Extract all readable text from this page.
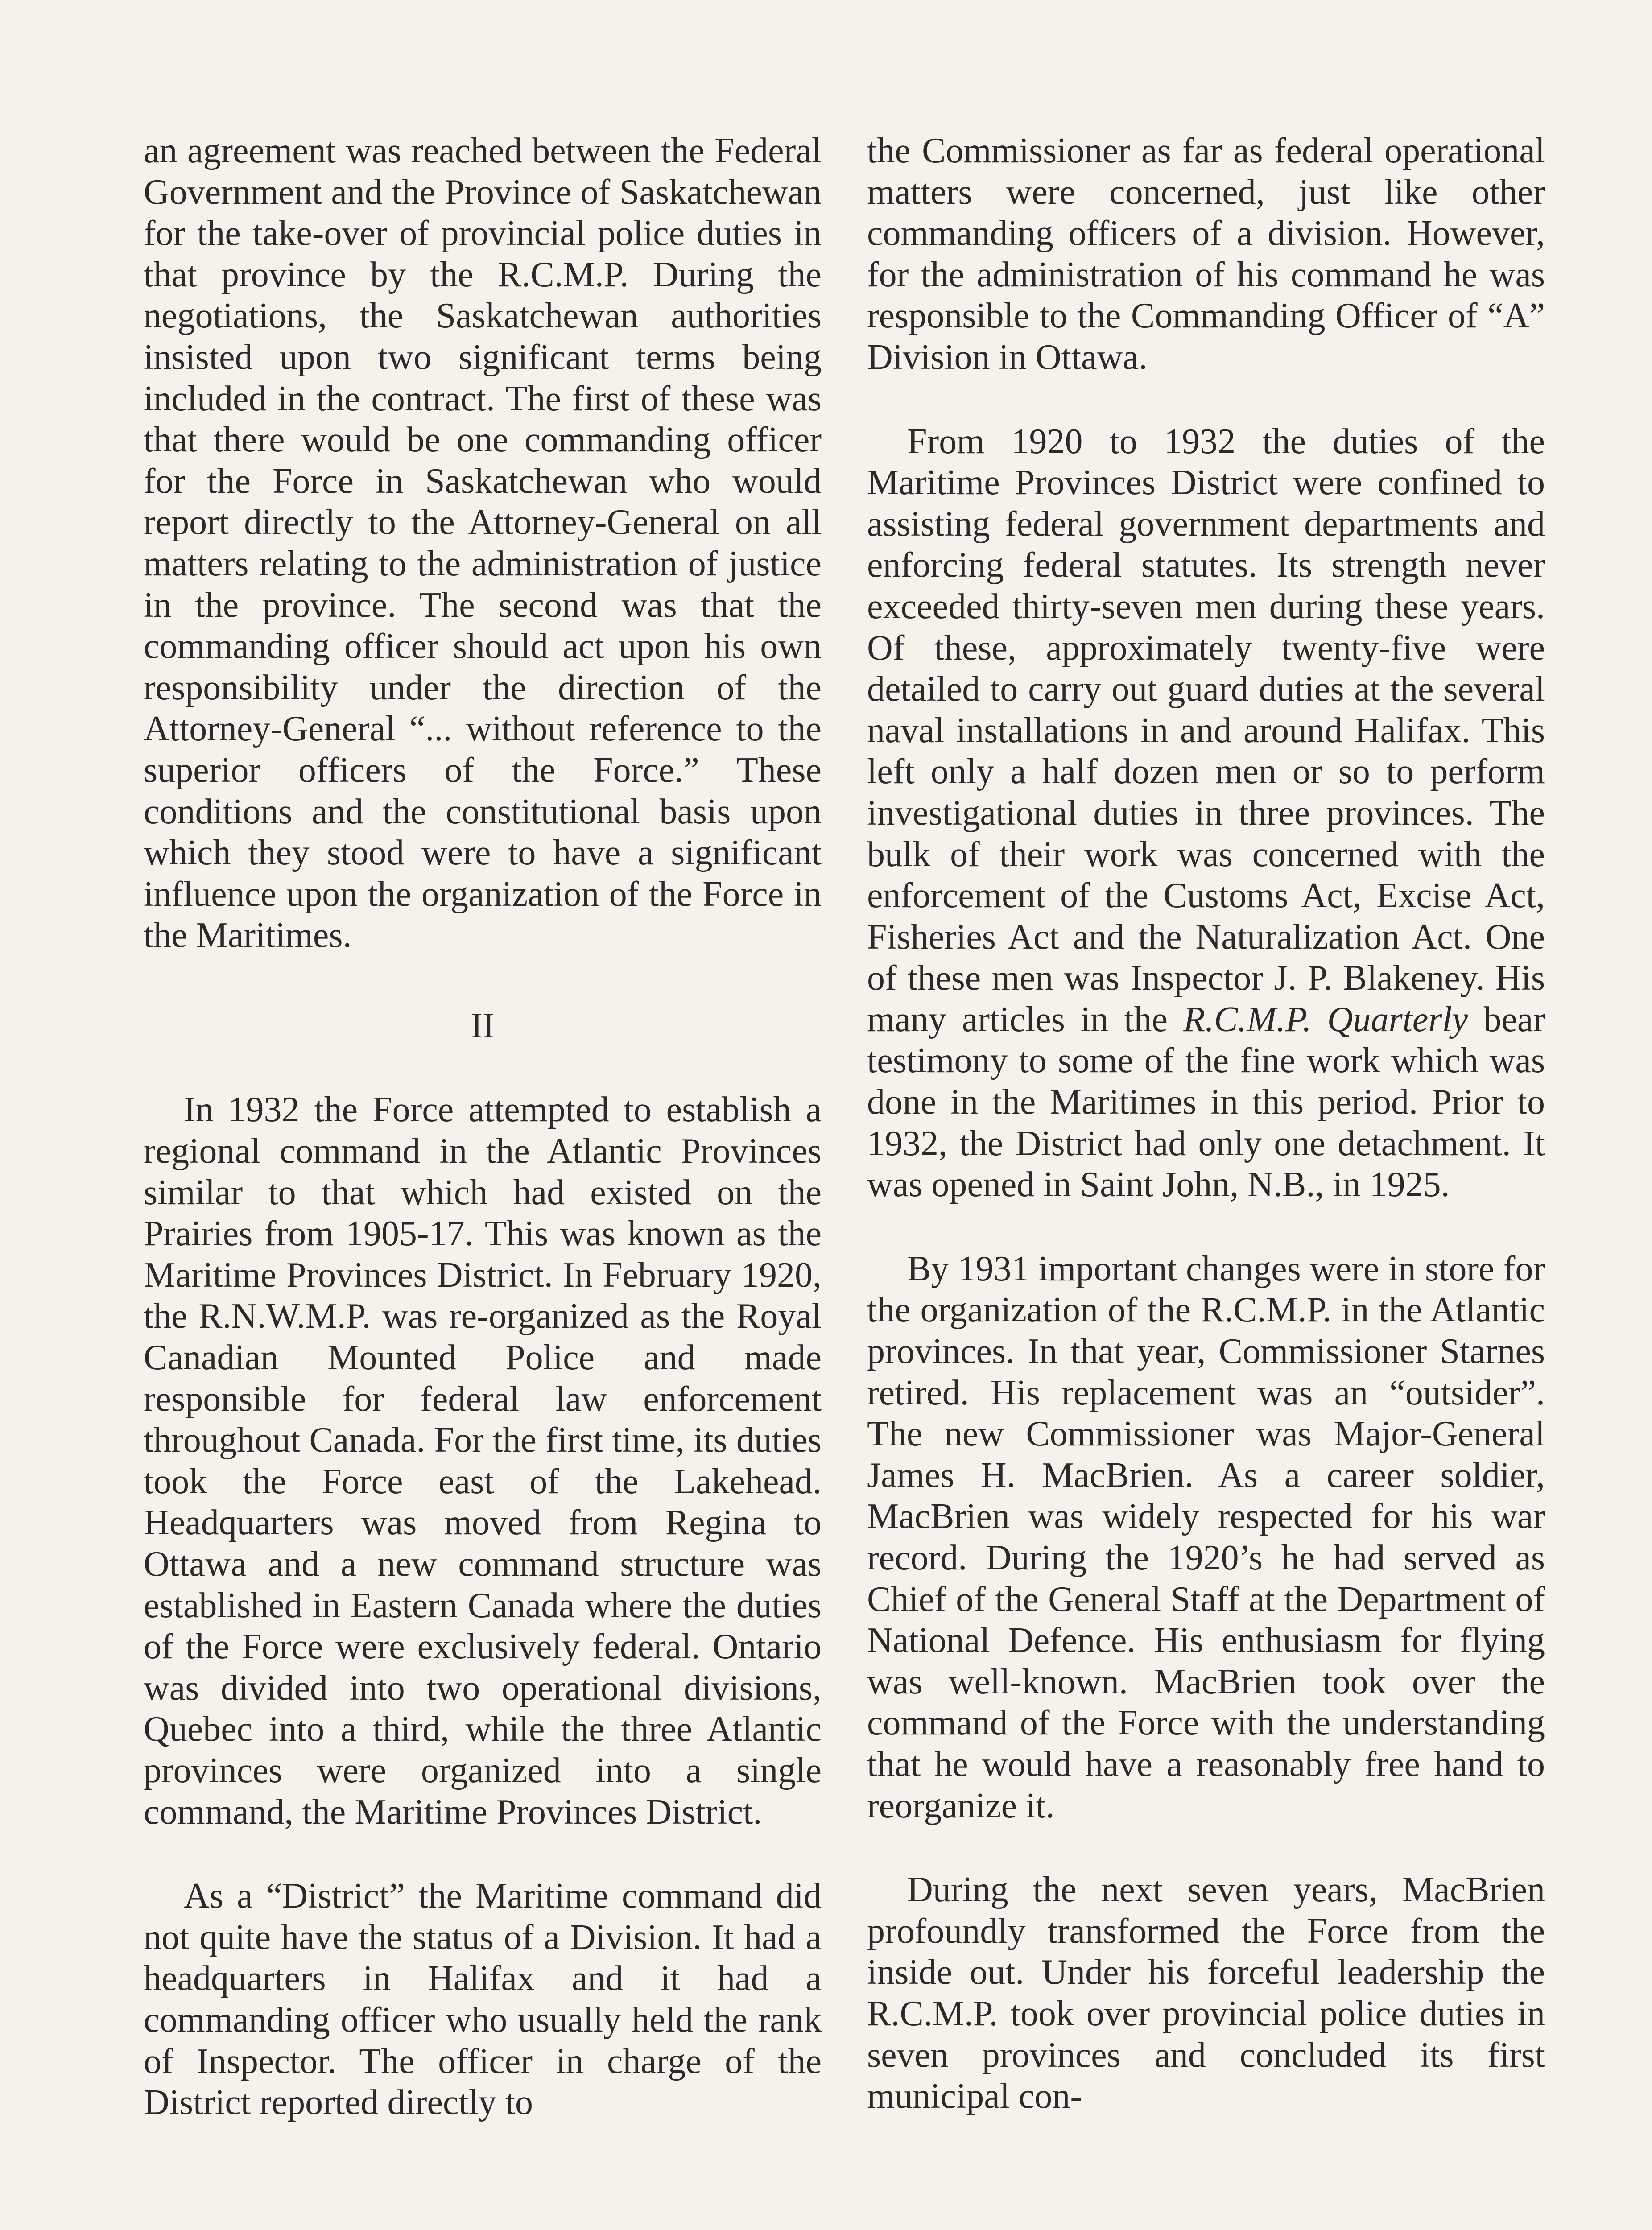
an agreement was reached between the Federal Government and the Province of Saskatchewan for the take-over of provincial police duties in that province by the R.C.M.P. During the negotiations, the Saskatchewan authorities insisted upon two significant terms being included in the contract. The first of these was that there would be one commanding officer for the Force in Saskatchewan who would report directly to the Attorney-General on all matters relating to the administration of justice in the province. The second was that the commanding officer should act upon his own responsibility under the direction of the Attorney-General “... without reference to the superior officers of the Force.” These conditions and the constitutional basis upon which they stood were to have a significant influence upon the organization of the Force in the Maritimes.

II

In 1932 the Force attempted to establish a regional command in the Atlantic Provinces similar to that which had existed on the Prairies from 1905-17. This was known as the Maritime Provinces District. In February 1920, the R.N.W.M.P. was re-organized as the Royal Canadian Mounted Police and made responsible for federal law enforcement throughout Canada. For the first time, its duties took the Force east of the Lakehead. Headquarters was moved from Regina to Ottawa and a new command structure was established in Eastern Canada where the duties of the Force were exclusively federal. Ontario was divided into two operational divisions, Quebec into a third, while the three Atlantic provinces were organized into a single command, the Maritime Provinces District.

As a “District” the Maritime command did not quite have the status of a Division. It had a headquarters in Halifax and it had a commanding officer who usually held the rank of Inspector. The officer in charge of the District reported directly to

the Commissioner as far as federal operational matters were concerned, just like other commanding officers of a division. However, for the administration of his command he was responsible to the Commanding Officer of “A” Division in Ottawa.

From 1920 to 1932 the duties of the Maritime Provinces District were confined to assisting federal government departments and enforcing federal statutes. Its strength never exceeded thirty-seven men during these years. Of these, approximately twenty-five were detailed to carry out guard duties at the several naval installations in and around Halifax. This left only a half dozen men or so to perform investigational duties in three provinces. The bulk of their work was concerned with the enforcement of the Customs Act, Excise Act, Fisheries Act and the Naturalization Act. One of these men was Inspector J. P. Blakeney. His many articles in the R.C.M.P. Quarterly bear testimony to some of the fine work which was done in the Maritimes in this period. Prior to 1932, the District had only one detachment. It was opened in Saint John, N.B., in 1925.

By 1931 important changes were in store for the organization of the R.C.M.P. in the Atlantic provinces. In that year, Commissioner Starnes retired. His replacement was an “outsider”. The new Commissioner was Major-General James H. MacBrien. As a career soldier, MacBrien was widely respected for his war record. During the 1920’s he had served as Chief of the General Staff at the Department of National Defence. His enthusiasm for flying was well-known. MacBrien took over the command of the Force with the understanding that he would have a reasonably free hand to reorganize it.

During the next seven years, MacBrien profoundly transformed the Force from the inside out. Under his forceful leadership the R.C.M.P. took over provincial police duties in seven provinces and concluded its first municipal con-
